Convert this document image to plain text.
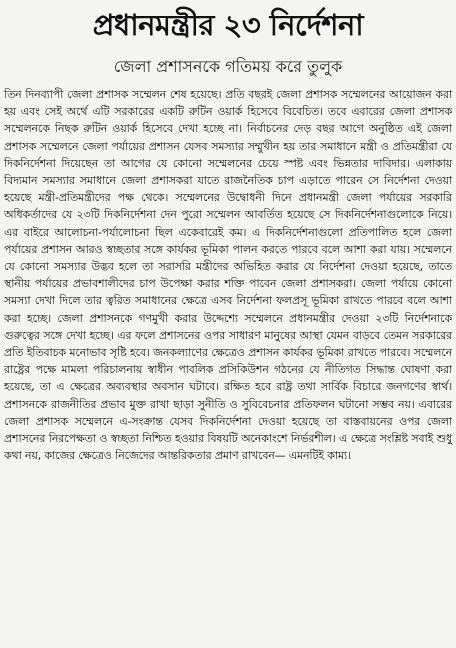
প্রধানমন্ত্রীর ২৩ নির্দেশনা
জেলা প্রশাসনকে গতিময় করে তুলুক

তিন দিনব্যাপী জেলা প্রশাসক সম্মেলন শেষ হয়েছে। প্রতি বছরই জেলা প্রশাসক সম্মেলনের আয়োজন করা হয় এবং সেই অর্থে এটি সরকারের একটি রুটিন ওয়ার্ক হিসেবে বিবেচিত। তবে এবারের জেলা প্রশাসক সম্মেলনকে নিছক রুটিন ওয়ার্ক হিসেবে দেখা হচ্ছে না। নির্বাচনের দেড় বছর আগে অনুষ্ঠিত এই জেলা প্রশাসক সম্মেলনে জেলা পর্যায়ের প্রশাসন যেসব সমস্যার সম্মুখীন হয় তার সমাধানে মন্ত্রী ও প্রতিমন্ত্রীরা যে দিকনির্দেশনা দিয়েছেন তা আগের যে কোনো সম্মেলনের চেয়ে স্পষ্ট এবং ভিন্নতার দাবিদার। এলাকায় বিদ্যমান সমস্যার সমাধানে জেলা প্রশাসকরা যাতে রাজনৈতিক চাপ এড়াতে পারেন সে নির্দেশনা দেওয়া হয়েছে মন্ত্রী-প্রতিমন্ত্রীদের পক্ষ থেকে। সম্মেলনের উদ্বোধনী দিনে প্রধানমন্ত্রী জেলা পর্যায়ের সরকারি অধিকর্তাদের যে ২৩টি দিকনির্দেশনা দেন পুরো সম্মেলন আবর্তিত হয়েছে সে দিকনির্দেশনাগুলোকে নিয়ে। এর বাইরে আলোচনা-পর্যালোচনা ছিল একেবারেই কম। এ দিকনির্দেশনাগুলো প্রতিপালিত হলে জেলা পর্যায়ের প্রশাসন আরও স্বচ্ছতার সঙ্গে কার্যকর ভূমিকা পালন করতে পারবে বলে আশা করা যায়। সম্মেলনে যে কোনো সমস্যার উদ্ভব হলে তা সরাসরি মন্ত্রীদের অভিহিত করার যে নির্দেশনা দেওয়া হয়েছে, তাতে স্থানীয় পর্যায়ের প্রভাবশালীদের চাপ উপেক্ষা করার শক্তি পাবেন জেলা প্রশাসকরা। জেলা পর্যায়ে কোনো সমস্যা দেখা দিলে তার ত্বরিত সমাধানের ক্ষেত্রে এসব নির্দেশনা ফলপ্রসূ ভূমিকা রাখতে পারবে বলে আশা করা হচ্ছে। জেলা প্রশাসনকে গণমুখী করার উদ্দেশ্যে সম্মেলনে প্রধানমন্ত্রীর দেওয়া ২৩টি নির্দেশনাকে গুরুত্বের সঙ্গে দেখা হচ্ছে। এর ফলে প্রশাসনের ওপর সাধারণ মানুষের আস্থা যেমন বাড়বে তেমন সরকারের প্রতি ইতিবাচক মনোভাব সৃষ্টি হবে। জনকল্যাণের ক্ষেত্রেও প্রশাসন কার্যকর ভূমিকা রাখতে পারবে। সম্মেলনে রাষ্ট্রের পক্ষে মামলা পরিচালনায় স্বাধীন পাবলিক প্রসিকিউশন গঠনের যে নীতিগত সিদ্ধান্ত ঘোষণা করা হয়েছে, তা এ ক্ষেত্রের অব্যবস্থার অবসান ঘটাবে। রক্ষিত হবে রাষ্ট্র তথা সার্বিক বিচারে জনগণের স্বার্থ। প্রশাসনকে রাজনীতির প্রভাব মুক্ত রাখা ছাড়া সুনীতি ও সুবিবেচনার প্রতিফলন ঘটানো সম্ভব নয়। এবারের জেলা প্রশাসক সম্মেলনে এ-সংক্রান্ত যেসব দিকনির্দেশনা দেওয়া হয়েছে তা বাস্তবায়নের ওপর জেলা প্রশাসনের নিরপেক্ষতা ও স্বচ্ছতা নিশ্চিত হওয়ার বিষয়টি অনেকাংশে নির্ভরশীল। এ ক্ষেত্রে সংশ্লিষ্ট সবাই শুধু কথা নয়, কাজের ক্ষেত্রেও নিজেদের আন্তরিকতার প্রমাণ রাখবেন— এমনটিই কাম্য।
